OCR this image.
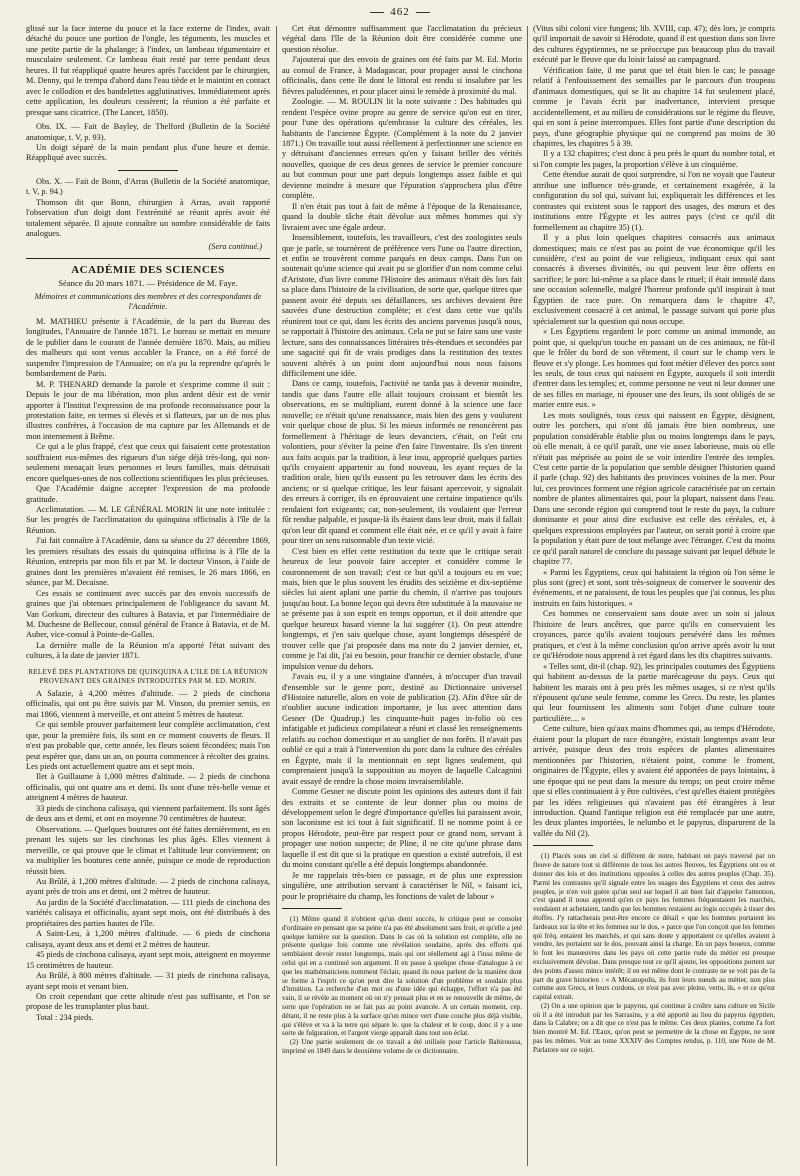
462

glissé sur la face interne du pouce et la face externe de l'index, avait détaché du pouce une portion de l'ongle, les téguments, les muscles et une petite partie de la phalange; à l'index, un lambeau tégumentaire et musculaire seulement. Ce lambeau était resté par terre pendant deux heures. Il fut réappliqué quatre heures après l'accident par le chirurgien, M. Denny, qui le trempa d'abord dans l'eau tiède et le maintint en contact avec le collodion et des bandelettes agglutinatives. Immédiatement après cette application, les douleurs cessèrent; la réunion a été parfaite et presque sans cicatrice. (The Lancet, 1850).

Obs. IX. — Fait de Bayley, de Thelford (Bulletin de la Société anatomique, t. V, p. 93).

Un doigt séparé de la main pendant plus d'une heure et demie. Réappliqué avec succès.

Obs. X. — Fait de Bonn, d'Arras (Bulletin de la Société anatomique, t. V, p. 94.)

Thomson dit que Bonn, chirurgien à Arras, avait rapporté l'observation d'un doigt dont l'extrémité se réunit après avoir été totalement séparée. Il ajoute connaître un nombre considérable de faits analogues.

(Sera continué.)

ACADÉMIE DES SCIENCES
Séance du 20 mars 1871. — Présidence de M. Faye.
Mémoires et communications des membres et des correspondants de l'Académie.

M. MATHIEU présente à l'Académie, de la part du Bureau des longitudes, l'Annuaire de l'année 1871. Le bureau se mettait en mesure de le publier dans le courant de l'année dernière 1870. Mais, au milieu des malheurs qui sont venus accabler la France, on a été forcé de suspendre l'impression de l'Annuaire; on n'a pu la reprendre qu'après le bombardement de Paris.

M. P. THENARD demande la parole et s'exprime comme il suit : Depuis le jour de ma libération, mon plus ardent désir est de venir apporter à l'Institut l'expression de ma profonde reconnaissance pour la protestation faite, en termes si élevés et si flatteurs, par un de nos plus illustres confrères, à l'occasion de ma capture par les Allemands et de mon internement à Brême.

Ce qui a le plus frappé, c'est que ceux qui faisaient cette protestation souffraient eux-mêmes des rigueurs d'un siége déjà très-long, qui non-seulement menaçait leurs personnes et leurs familles, mais détruisait encore quelques-unes de nos collections scientifiques les plus précieuses.

Que l'Académie daigne accepter l'expression de ma profonde gratitude.

Acclimatation. — M. LE GÉNÉRAL MORIN lit une note intitulée : Sur les progrès de l'acclimatation du quinquina officinalis à l'île de la Réunion.

J'ai fait connaître à l'Académie, dans sa séance du 27 décembre 1869, les premiers résultats des essais du quinquina officina is à l'île de la Réunion, entrepris par mon fils et par M. le docteur Vinson, à l'aide de graines dont les premières m'avaient été remises, le 26 mars 1866, en séance, par M. Decaisne.

Ces essais se continuent avec succès par des envois successifs de graines que j'ai obtenues principalement de l'obligeance du savant M. Van Gorkum, directeur des cultures à Batavia, et par l'intermédiaire de M. Duchesne de Bellecour, consul général de France à Batavia, et de M. Auber, vice-consul à Pointe-de-Galles.

La dernière malle de la Réunion m'a apporté l'état suivant des cultures, à la date de janvier 1871.

RELEVÉ DES PLANTATIONS DE QUINQUINA A L'ILE DE LA RÉUNION PROVENANT DES GRAINES INTRODUITES PAR M. ED. MORIN.

A Salazie, à 4,200 mètres d'altitude. — 2 pieds de cinchona officinalis, qui ont pu être suivis par M. Vinson, du premier semis, en mai 1866, viennent à merveille, et ont atteint 5 mètres de hauteur.

Ce qui semble prouver parfaitement leur complète acclimatation, c'est que, pour la première fois, ils sont en ce moment couverts de fleurs. Il n'est pas probable que, cette année, les fleurs soient fécondées; mais l'on peut espérer que, dans un an, on pourra commencer à récolter des grains. Les pieds ont actuellement quatre ans et sept mois.

Ilet à Guillaume à 1,000 mètres d'altitude. — 2 pieds de cinchona officinalis, qui ont quatre ans et demi. Ils sont d'une très-belle venue et atteignent 4 mètres de hauteur.

33 pieds de cinchona calisaya, qui viennent parfaitement. Ils sont âgés de deux ans et demi, et ont en moyenne 70 centimètres de hauteur.

Observations. — Quelques boutures ont été faites dernièrement, en en prenant les sujets sur les cinchonas les plus âgés. Elles viennent à merveille, ce qui prouve que le climat et l'altitude leur conviennent; on va multiplier les boutures cette année, puisque ce mode de reproduction réussit bien.

Au Brûlé, à 1,200 mètres d'altitude. — 2 pieds de cinchona calisaya, ayant près de trois ans et demi, ont 2 mètres de hauteur.

Au jardin de la Société d'acclimatation. — 111 pieds de cinchona des variétés calisaya et officinalis, ayant sept mois, ont été distribués à des propriétaires des parties hautes de l'île.

A Saint-Leu, à 1,200 mètres d'altitude. — 6 pieds de cinchona calisaya, ayant deux ans et demi et 2 mètres de hauteur.

45 pieds de cinchona calisaya, ayant sept mois, atteignent en moyenne 15 centimètres de hauteur.

Au Brûlé, à 800 mètres d'altitude. — 31 pieds de cinchona calisaya, ayant sept mois et venant bien.

On croit cependant que cette altitude n'est pas suffisante, et l'on se propose de les transplanter plus haut.

Total : 234 pieds.

Cet état démontre suffisamment que l'acclimatation du précieux végétal dans l'île de la Réunion doit être considérée comme une question résolue.

J'ajouterai que des envois de graines ont été faits par M. Ed. Morin au consul de France, à Madagascar, pour propager aussi le cinchona officinalis, dans cette île dont le littoral est rendu si insalubre par les fièvres paludéennes, et pour placer ainsi le remède à proximité du mal.

Zoologie. — M. ROULIN lit la note suivante : Des habitudes qui rendent l'espèce ovine propre au genre de service qu'on eut en tirer, pour l'une des opérations qu'embrasse la culture des céréales, les habitants de l'ancienne Égypte. (Complément à la note du 2 janvier 1871.) On travaille tout aussi réellement à perfectionner une science en y détruisant d'anciennes erreurs qu'en y faisant briller des vérités nouvelles, quoique de ces deux genres de service le premier concoure au but commun pour une part depuis longtemps assez faible et qui devienne moindre à mesure que l'épuration s'approchera plus d'être complète.

Il n'en était pas tout à fait de même à l'époque de la Renaissance, quand la double tâche était dévolue aux mêmes hommes qui s'y livraient avec une égale ardeur.

Insensiblement, toutefois, les travailleurs, c'est des zoologistes seuls que je parle, se tournèrent de préférence vers l'une ou l'autre direction, et enfin se trouvèrent comme parqués en deux camps. Dans l'un on soutenait qu'une science qui avait pu se glorifier d'un nom comme celui d'Aristote, d'un livre comme l'Histoire des animaux n'était dès lors fait sa place dans l'histoire de la civilisation, de sorte que, quelque titres que passent avoir été depuis ses défaillances, ses archives devaient être sauvées d'une destruction complète; et c'est dans cette vue qu'ils réunirent tout ce qui, dans les écrits des anciens parvenus jusqu'à nous, se rapportait à l'histoire des animaux. Cela ne put se faire sans une vaste lecture, sans des connaissances littéraires très-étendues et secondées par une sagacité qui fit de vrais prodiges dans la restitution des textes souvent altérés à un point dont aujourd'hui nous nous faisons difficilement une idée.

Dans ce camp, toutefois, l'activité ne tarda pas à devenir moindre, tandis que dans l'autre elle allait toujours croissant et bientôt les observations, en se multipliant, eurent donné à la science une face nouvelle; ce n'était qu'une renaissance, mais bien des gens y voulurent voir quelque chose de plus. Si les mieux informés ne renoncèrent pas formellement à l'héritage de leurs devanciers, c'était, on l'eût cru volontiers, pour s'éviter la peine d'en faire l'inventaire. Ils s'en tinrent aux faits acquis par la tradition, à leur insu, approprié quelques parties qu'ils croyaient appartenir au fond nouveau, les ayant reçues de la tradition orale, bien qu'ils eussent pu les retrouver dans les écrits des anciens; or si quelque critique, les leur faisant apercevoir, y signalait des erreurs à corriger, ils en éprouvaient une certaine impatience qu'ils rendaient fort exigeants; car, non-seulement, ils voulaient que l'erreur fût rendue palpable, et jusque-là ils étaient dans leur droit, mais il fallait qu'on leur dît quand et comment elle était née, et ce qu'il y avait à faire pour tirer un sens raisonnable d'un texte vicié.

C'est bien en effet cette restitution du texte que le critique serait heureux de leur pouvoir faire accepter et considère comme le couronnement de son travail; c'est ce but qu'il a toujours eu en vue; mais, bien que le plus souvent les érudits des seizième et dix-septième siècles lui aient aplani une partie du chemin, il n'arrive pas toujours jusqu'au bout. La bonne leçon qui devra être substituée à la mauvaise ne se présente pas à son esprit en temps opportun, et il doit attendre que quelque heureux hasard vienne la lui suggérer (1). On peut attendre longtemps, et j'en sais quelque chose, ayant longtemps désespéré de trouver celle que j'ai proposée dans ma note du 2 janvier dernier, et, comme je l'ai dit, j'ai eu besoin, pour franchir ce dernier obstacle, d'une impulsion venue du dehors.

J'avais eu, il y a une vingtaine d'années, à m'occuper d'un travail d'ensemble sur le genre porc, destiné au Dictionnaire universel d'Histoire naturelle, alors en voie de publication (2). Afin d'être sûr de n'oublier aucune indication importante, je lus avec attention dans Gesner (De Quadrup.) les cinquante-huit pages in-folio où ces infatigable et judicieux compilateur a réuni et classé les renseignements relatifs au cochon domestique et au sanglier de nos forêts. Il n'avait pas oublié ce qui a trait à l'intervention du porc dans la culture des céréales en Égypte, mais il la mentionnait en sept lignes seulement, qui comprenaient jusqu'à la supposition au moyen de laquelle Calcagnini avait essayé de rendre la chose moins invraisemblable.

Comme Gesner ne discute point les opinions des auteurs dont il fait des extraits et se contente de leur donner plus ou moins de développement selon le degré d'importance qu'elles lui paraissent avoir, son laconisme est ici tout à fait significatif. Il ne nomme point à ce propos Hérodote, peut-être par respect pour ce grand nom, servant à propager une notion suspecte; de Pline, il ne cite qu'une phrase dans laquelle il est dit que si la pratique en question a existé autrefois, il est du moins constant qu'elle a été depuis longtemps abandonnée.

Je me rappelais très-bien ce passage, et de plus une expression singulière, une attribution servant à caractériser le Nil, « faisant ici, pour le propriétaire du champ, les fonctions de valet de labour »

(1) Même quand il n'obtient qu'un demi succès, le critique peut se consoler d'ordinaire en pensant que sa peine n'a pas été absolument sans fruit, et qu'elle a jeté quelque lumière sur la question. Dans le cas où la solution est complète, elle ne présente quelque fois comme une révélation soudaine, après des efforts qui semblaient devoir rester longtemps, mais qui ont réellement agi à l'insu même de celui qui en a continué son argument. Il en passe à quelque chose d'analogue à ce que les mathématiciens nomment l'éclair, quand ils nous parlent de la manière dont se forme à l'esprit ce qu'on peut dire la solution d'un problème et soudain plus d'intuition. La recherche d'un mot ou d'une idée qui échappe, l'effort n'a pas été vain, il se révèle au moment où on n'y pensait plus et en se renouvelle de même, de sorte que l'opération ne se fait pas au point avancée. A un certain moment, cep. détant, il ne reste plus à la surface qu'un mince vert d'une couche plus déjà visible, qui s'élève et va à la terre qui sépare le. que la chaleur et le coup, donc il y a une sorte de fulguration, et l'argent vierge apparaît dans tout son éclat.

(2) Une partie seulement de ce travail a été utilisée pour l'article Babiroussa, imprimé en 1849 dans le deuxième volume de ce dictionnaire.

(Vitus sibi coloni vice fungens; lib. XVIII, cap. 47); dès lors, je compris qu'il importait de savoir si Hérodote, quand il est question dans son livre des cultures égyptiennes, ne se préoccupe pas beaucoup plus du travail exécuté par le fleuve que du loisir laissé au campagnard.

Vérification faite, il me parut que tel était bien le cas; le passage relatif à l'enfouissement des semailles par le parcours d'un troupeau d'animaux domestiques, qui se lit au chapitre 14 fut seulement placé, comme je l'avais écrit par inadvertance, intervient presque accidentellement, et au milieu de considérations sur le régime du fleuve, qui en sont à peine interrompues. Elles font partie d'une description du pays, d'une géographie physique qui ne comprend pas moins de 30 chapitres, les chapitres 5 à 39.

Il y a 132 chapitres; c'est donc à peu près le quart du nombre total, et si l'on compte les pages, la proportion s'élève à un cinquième.

Cette étendue aurait de quoi surprendre, si l'on ne voyait que l'auteur attribue une influence très-grande, et certainement exagérée, à la configuration du sol qui, suivant lui, expliquerait les différences et les contrastes qui existent sous le rapport des usages, des mœurs et des institutions entre l'Égypte et les autres pays (c'est ce qu'il dit formellement au chapitre 35) (1).

Il y a plus loin quelques chapitres consacrés aux animaux domestiques; mais ce n'est pas au point de vue économique qu'il les considère, c'est au point de vue religieux, indiquant ceux qui sont consacrés à diverses divinités, ou qui peuvent leur être offerts en sacrifice; le porc lui-même a sa place dans le rituel; il était immolé dans une occasion solennelle, malgré l'horreur profonde qu'il inspirait à tout Égyptien de race pure. On remarquera dans le chapitre 47, exclusivement consacré à cet animal, le passage suivant qui porte plus spécialement sur la question qui nous occupe.

« Les Égyptiens regardent le porc comme un animal immonde, au point que, si quelqu'un touche en passant un de ces animaux, ne fût-il que le frôler du bord de son vêtement, il court sur le champ vers le fleuve et s'y plonge. Les hommes qui font métier d'élever des porcs sont les seuls, de tous ceux qui naissent en Égypte, auxquels il soit interdit d'entrer dans les temples; et, comme personne ne veut ni leur donner une de ses filles en mariage, ni épouser une des leurs, ils sont obligés de se marier entre eux. »

Les mots soulignés, tous ceux qui naissent en Égypte, désignent, outre les porchers, qui n'ont dû jamais être bien nombreux, une population considérable établie plus ou moins longtemps dans le pays, où elle menait, à ce qu'il paraît, une vie assez laborieuse, mais où elle n'était pas méprisée au point de se voir interdire l'entrée des temples. C'est cette partie de la population que semble désigner l'historien quand il parle (chap. 92) des habitants des provinces voisines de la mer. Pour lui, ces provinces forment une région agricole caractérisée par un certain nombre de plantes alimentaires qui, pour la plupart, naissent dans l'eau. Dans une seconde région qui comprend tout le reste du pays, la culture dominante et pour ainsi dire exclusive est celle des céréales, et, à quelques expressions employées par l'auteur, on serait porté à croire que la population y était pure de tout mélange avec l'étranger. C'est du moins ce qu'il paraît naturel de conclure du passage suivant par lequel débute le chapitre 77.

« Parmi les Égyptiens, ceux qui habitaient la région où l'on sème le plus sont (grec) et sont, sont très-soigneux de conserver le souvenir des événements, et ne paraissent, de tous les peuples que j'ai connus, les plus instruits en faits historiques. »

Ces hommes ne conservaient sans doute avec un soin si jaloux l'histoire de leurs ancêtres, que parce qu'ils en conservaient les croyances, parce qu'ils avaient toujours persévéré dans les mêmes pratiques, et c'est à la même conclusion qu'on arrive après avoir lu tout ce qu'Hérodote nous apprend à cet égard dans les dix chapitres suivants.

« Telles sont, dit-il (chap. 92), les principales coutumes des Égyptiens qui habitent au-dessus de la partie marécageuse du pays. Ceux qui habitent les marais ont à peu près les mêmes usages, si ce n'est qu'ils n'épousent qu'une seule femme, comme les Grecs. Du reste, les plantes qui leur fournissent les aliments sont l'objet d'une culture toute particulière.... »

Cette culture, bien qu'aux mains d'hommes qui, au temps d'Hérodote, étaient pour la plupart de race étrangère, existait longtemps avant leur arrivée, puisque deux des trois espèces de plantes alimentaires mentionnées par l'historien, n'étaient point, comme le froment, originaires de l'Égypte, elles y avaient été apportées de pays lointains, à une époque qui ne peut dans la mesure du temps; on peut croire même que si elles continuaient à y être cultivées, c'est qu'elles étaient protégées par les idées religieuses qui n'avaient pas été étrangères à leur introduction. Quand l'antique religion eut été remplacée par une autre, les deux plantes importées, le nelumbo et le papyrus, disparurent de la vallée du Nil (2).

(1) Placés sous un ciel si différent de notre, habitant un pays traversé par un fleuve de nature tout si différente de tous les autres fleuves, les Égyptiens ont eu et donner des lois et des institutions opposées à celles des autres peuples (Chap. 35). Parmi les contrastes qu'il signale entre les usages des Égyptiens et ceux des autres peuples, je n'en voit guère qu'un seul sur lequel il ait bien fait d'appeler l'attention, c'est quand il nous apprend qu'en ce pays les femmes fréquentaient les marchés, vendaient et achetaient, tandis que les hommes restaient au logis occupés à tisser des étoffes. J'y rattacherais peut-être encore ce détail « que les hommes portaient les fardeaux sur la tête et les femmes sur le dos, » parce que l'on conçoit que les femmes qui fréq. entaient les marchés, et qui sans doute y apportaient ce qu'elles avaient à vendre, les portaient sur le dos, pouvant ainsi la charge. En un pays boueux, comme le font les manœuvres dans les pays où cette partie rude du métier est presque exclusivement dévolue. Dans presque tout ce qu'il ajoute, les oppositions portent sur des points d'assez mince intérêt; il en est même dont le contraste ne se voit pas de la part du grave historien : « A Mécanopolis, ils font leurs nœuds au métier, non plus comme aux Grecs, et leurs cordons, ce n'est pas avec pleine, vertu, ils, » et ce qu'est capital extrait.

(2) On a une opinion que le papyrus, qui continue à croître sans culture en Sicile où il a été introduit par les Sarrasins, y a été apporté au lieu du papyrus égyptien, dans la Calabre; on a dit que ce n'est pas le même. Ces deux plantes, comme l'a fort bien montré M. Ed. l'Eaux, qu'on peut se permettre de la chose en Égypte, ne sont pas les mêmes. Voir au tome XXXIV des Comptes rendus, p. 110, une Note de M. Parlatore sur ce sujet.
